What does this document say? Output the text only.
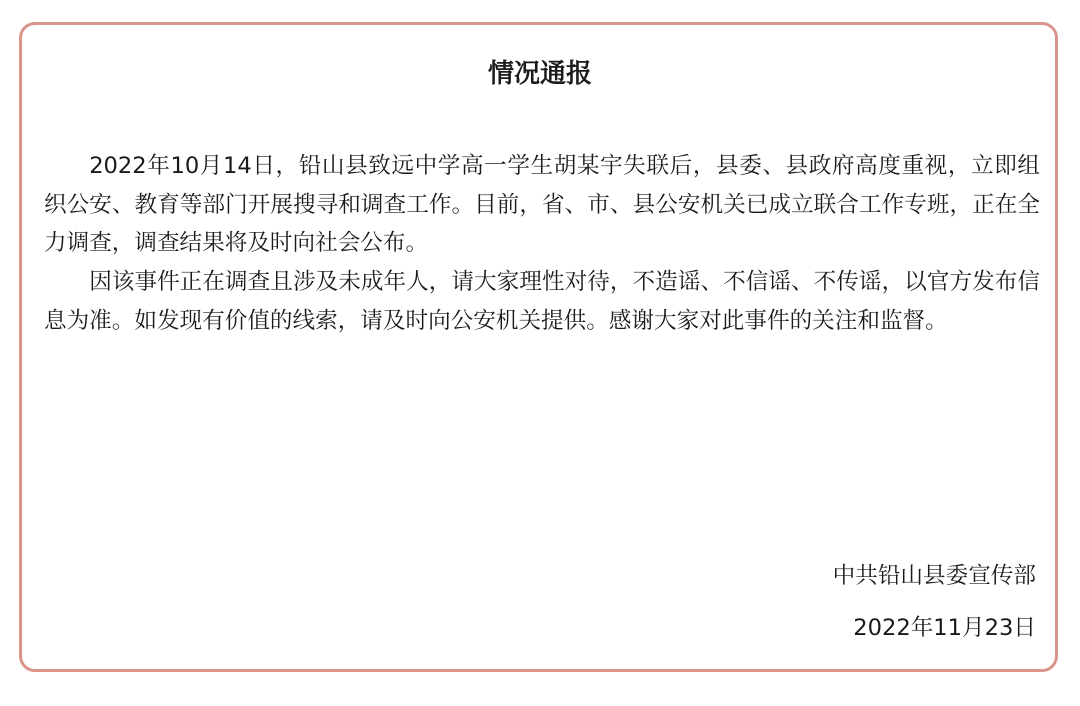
情况通报

2022年10月14日，铅山县致远中学高一学生胡某宇失联后，县委、县政府高度重视，立即组织公安、教育等部门开展搜寻和调查工作。目前，省、市、县公安机关已成立联合工作专班，正在全力调查，调查结果将及时向社会公布。

因该事件正在调查且涉及未成年人，请大家理性对待，不造谣、不信谣、不传谣，以官方发布信息为准。如发现有价值的线索，请及时向公安机关提供。感谢大家对此事件的关注和监督。

中共铅山县委宣传部
2022年11月23日
